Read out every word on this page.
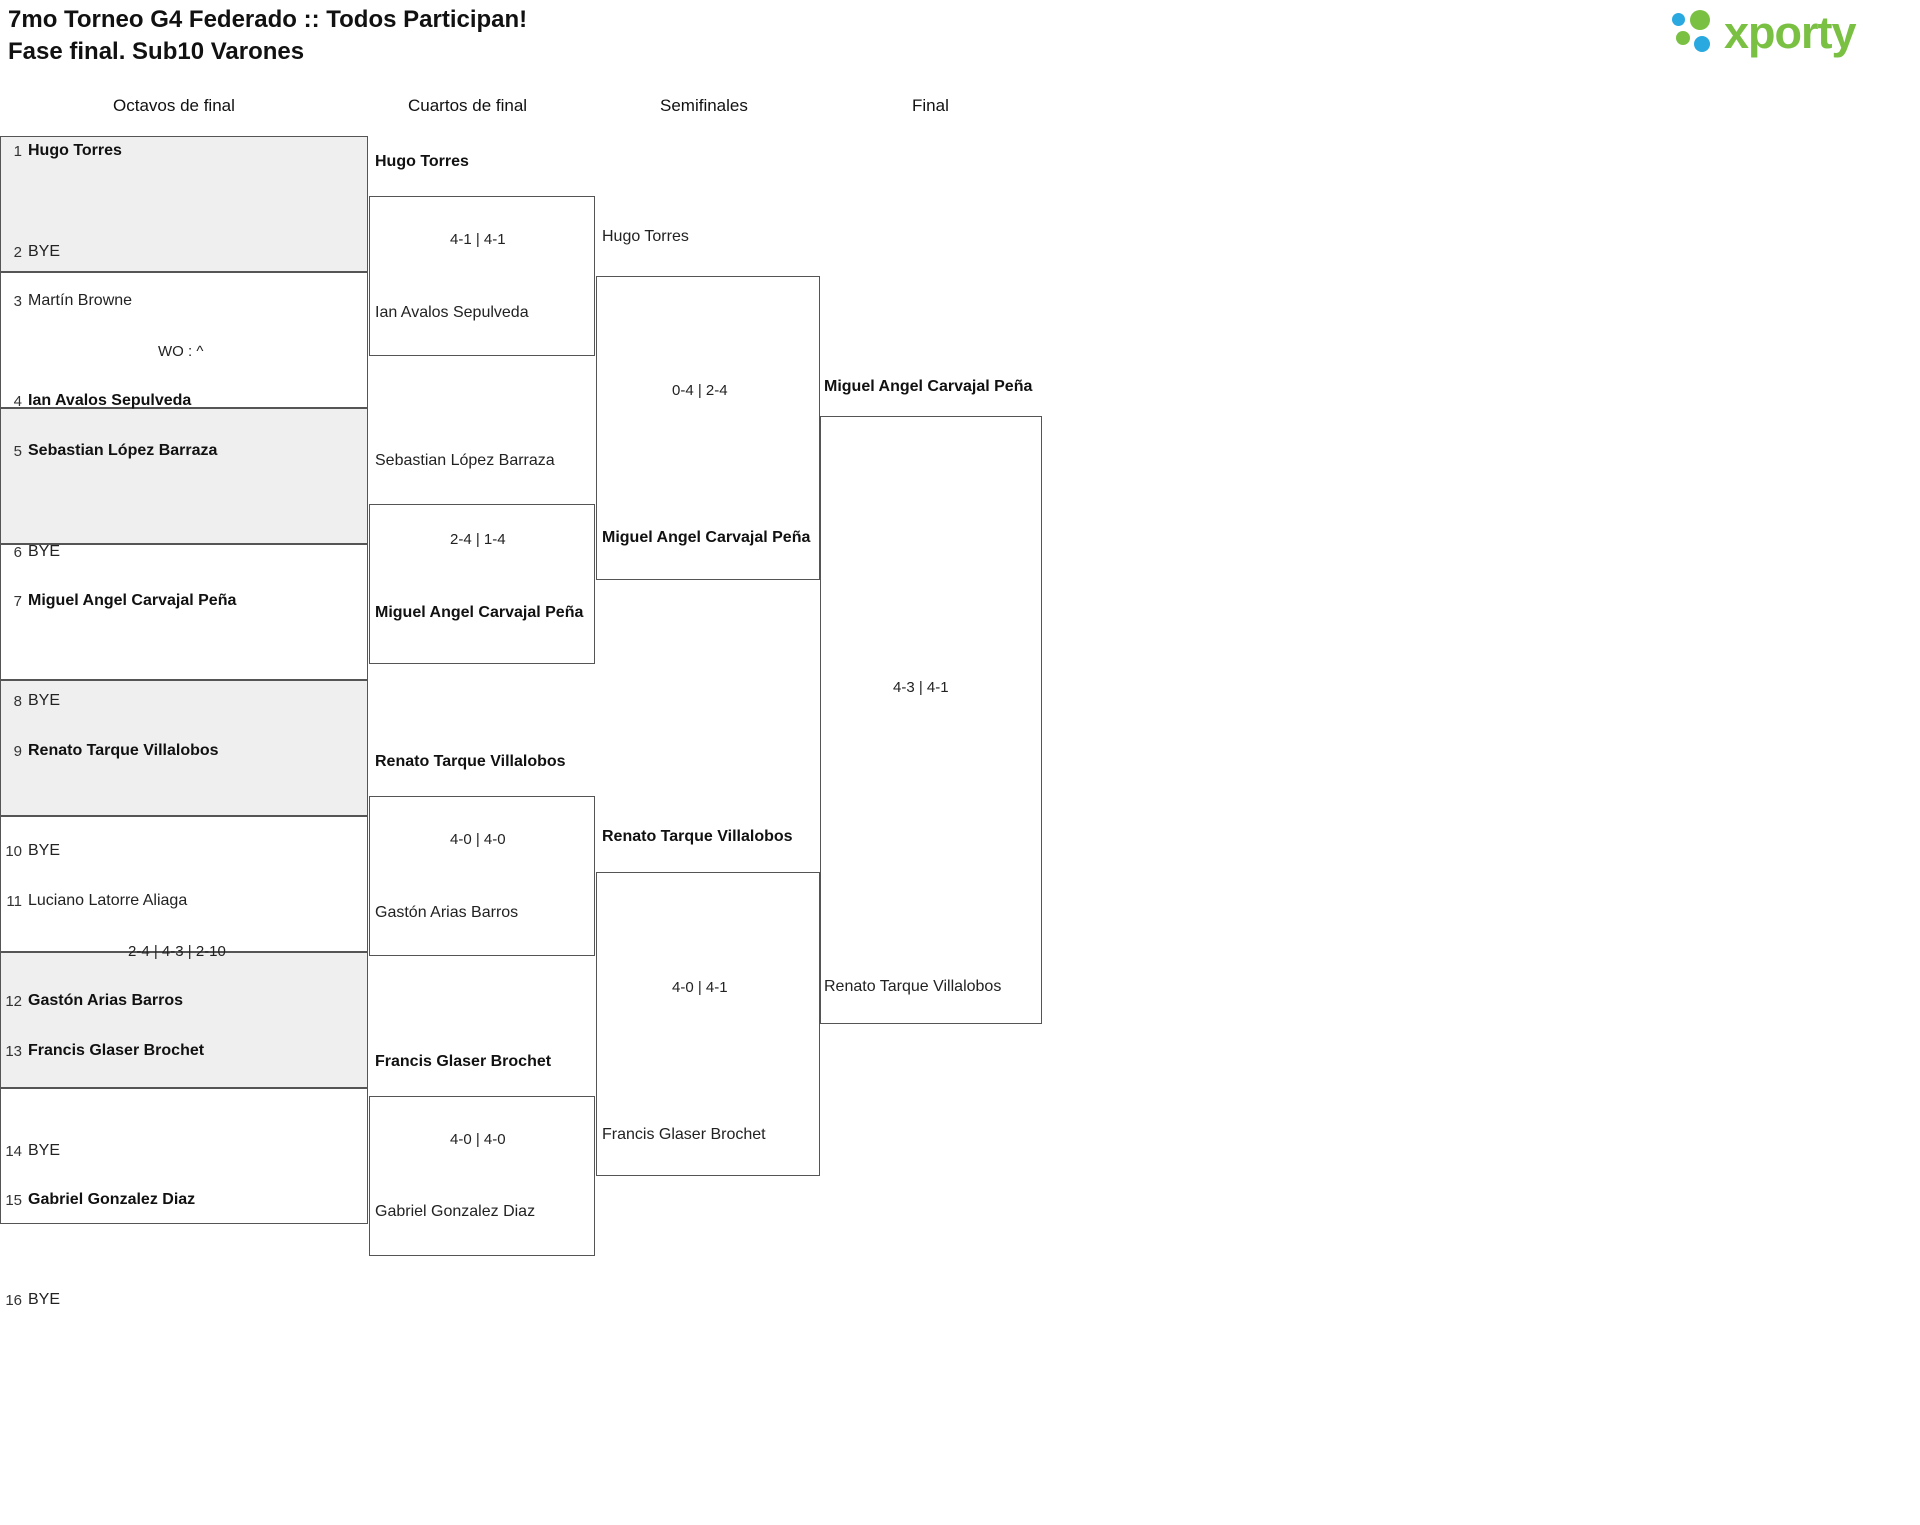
7mo Torneo G4 Federado :: Todos Participan!
Fase final. Sub10 Varones	xporty
Octavos de final	Cuartos de final	Semifinales	Final
1 Hugo Torres
2 BYE
3 Martín Browne
4 Ian Avalos Sepulveda
5 Sebastian López Barraza
6 BYE
7 Miguel Angel Carvajal Peña
8 BYE
9 Renato Tarque Villalobos
10 BYE
11 Luciano Latorre Aliaga
12 Gastón Arias Barros
13 Francis Glaser Brochet
14 BYE
15 Gabriel Gonzalez Diaz
16 BYE
WO : ^
2-4 | 4-3 | 2-10
Hugo Torres
4-1 | 4-1
Ian Avalos Sepulveda
Sebastian López Barraza
2-4 | 1-4
Miguel Angel Carvajal Peña
Renato Tarque Villalobos
4-0 | 4-0
Gastón Arias Barros
Francis Glaser Brochet
4-0 | 4-0
Gabriel Gonzalez Diaz
Hugo Torres
0-4 | 2-4
Miguel Angel Carvajal Peña
Renato Tarque Villalobos
4-0 | 4-1
Francis Glaser Brochet
Miguel Angel Carvajal Peña
4-3 | 4-1
Renato Tarque Villalobos
